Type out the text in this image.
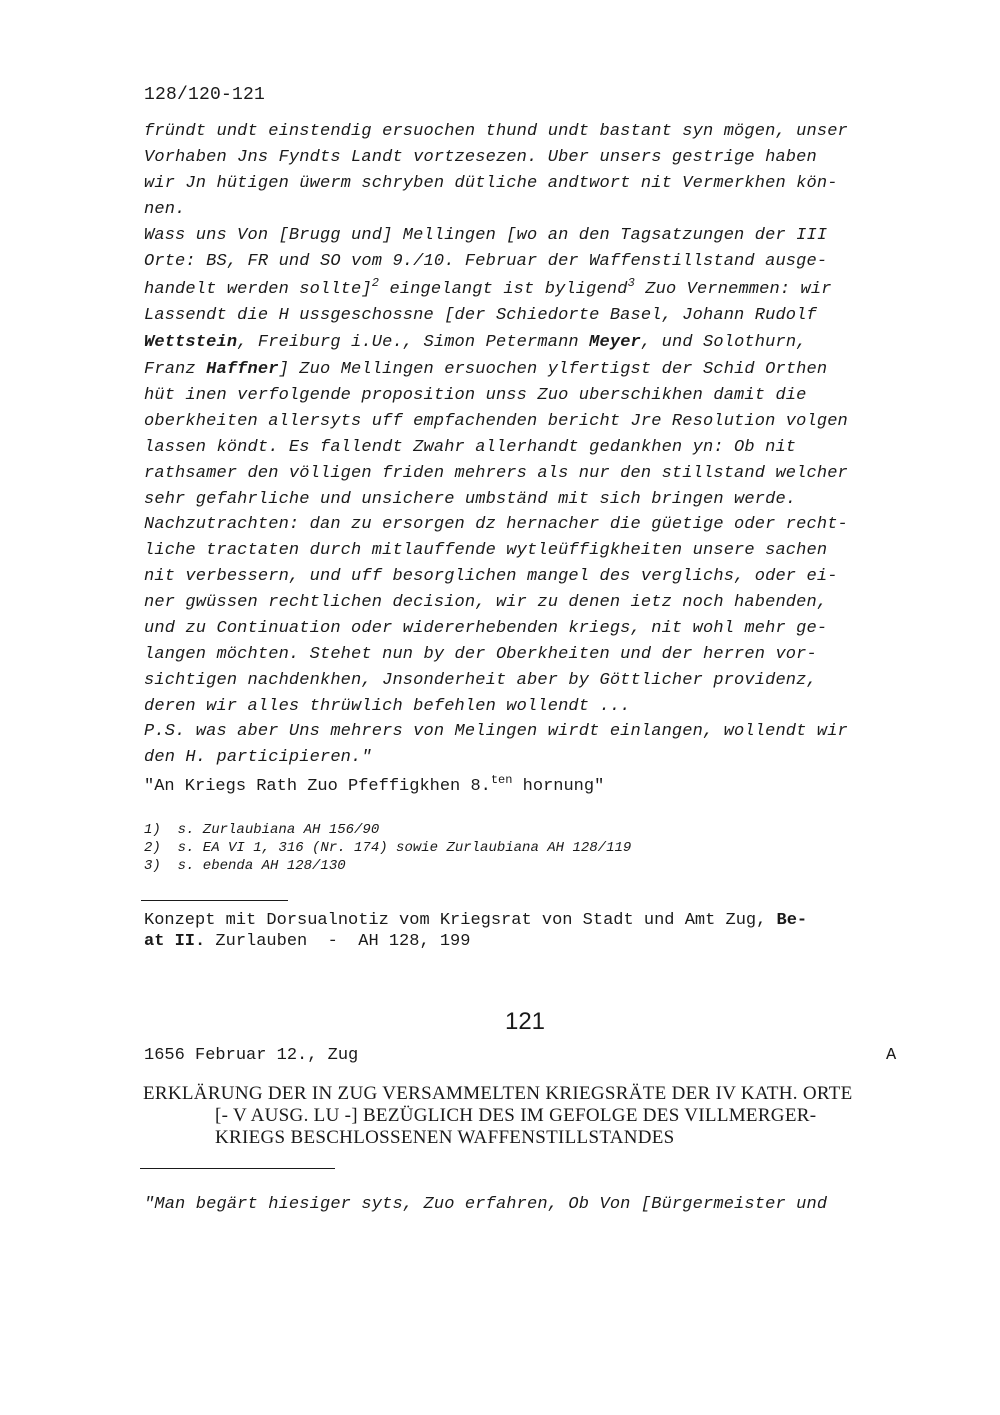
128/120-121
fründt undt einstendig ersuochen thund undt bastant syn mögen, unser
Vorhaben Jns Fyndts Landt vortzesezen. Uber unsers gestrige haben
wir Jn hütigen üwerm schryben dütliche andtwort nit Vermerkhen kön-
nen.
Wass uns Von [Brugg und] Mellingen [wo an den Tagsatzungen der III
Orte: BS, FR und SO vom 9./10. Februar der Waffenstillstand ausge-
handelt werden sollte]$^2$ eingelangt ist byligend$^3$ Zuo Vernemmen: wir
Lassendt die H ussgeschossne [der Schiedorte Basel, Johann Rudolf
Wettstein, Freiburg i.Ue., Simon Petermann Meyer, und Solothurn,
Franz Haffner] Zuo Mellingen ersuochen ylfertigst der Schid Orthen
hüt inen verfolgende proposition unss Zuo uberschikhen damit die
oberkheiten allersyts uff empfachenden bericht Jre Resolution volgen
lassen köndt. Es fallendt Zwahr allerhandt gedankhen yn: Ob nit
rathsamer den völligen friden mehrers als nur den stillstand welcher
sehr gefahrliche und unsichere umbständ mit sich bringen werde.
Nachzutrachten: dan zu ersorgen dz hernacher die güetige oder recht-
liche tractaten durch mitlauffende wytleüffigkheiten unsere sachen
nit verbessern, und uff besorglichen mangel des verglichs, oder ei-
ner gwüssen rechtlichen decision, wir zu denen ietz noch habenden,
und zu Continuation oder widererhebenden kriegs, nit wohl mehr ge-
langen möchten. Stehet nun by der Oberkheiten und der herren vor-
sichtigen nachdenkhen, Jnsonderheit aber by Göttlicher providenz,
deren wir alles thrüwlich befehlen wollendt ...
P.S. was aber Uns mehrers von Melingen wirdt einlangen, wollendt wir
den H. participieren."
"An Kriegs Rath Zuo Pfeffigkhen 8.$^{ten}$ hornung"
1)  s. Zurlaubiana AH 156/90
2)  s. EA VI 1, 316 (Nr. 174) sowie Zurlaubiana AH 128/119
3)  s. ebenda AH 128/130
Konzept mit Dorsualnotiz vom Kriegsrat von Stadt und Amt Zug, Be-
at II. Zurlauben  -  AH 128, 199
121
1656 Februar 12., Zug	A
ERKLÄRUNG DER IN ZUG VERSAMMELTEN KRIEGSRÄTE DER IV KATH. ORTE
[- V AUSG. LU -] BEZÜGLICH DES IM GEFOLGE DES VILLMERGER-
KRIEGS BESCHLOSSENEN WAFFENSTILLSTANDES
"Man begärt hiesiger syts, Zuo erfahren, Ob Von [Bürgermeister und
